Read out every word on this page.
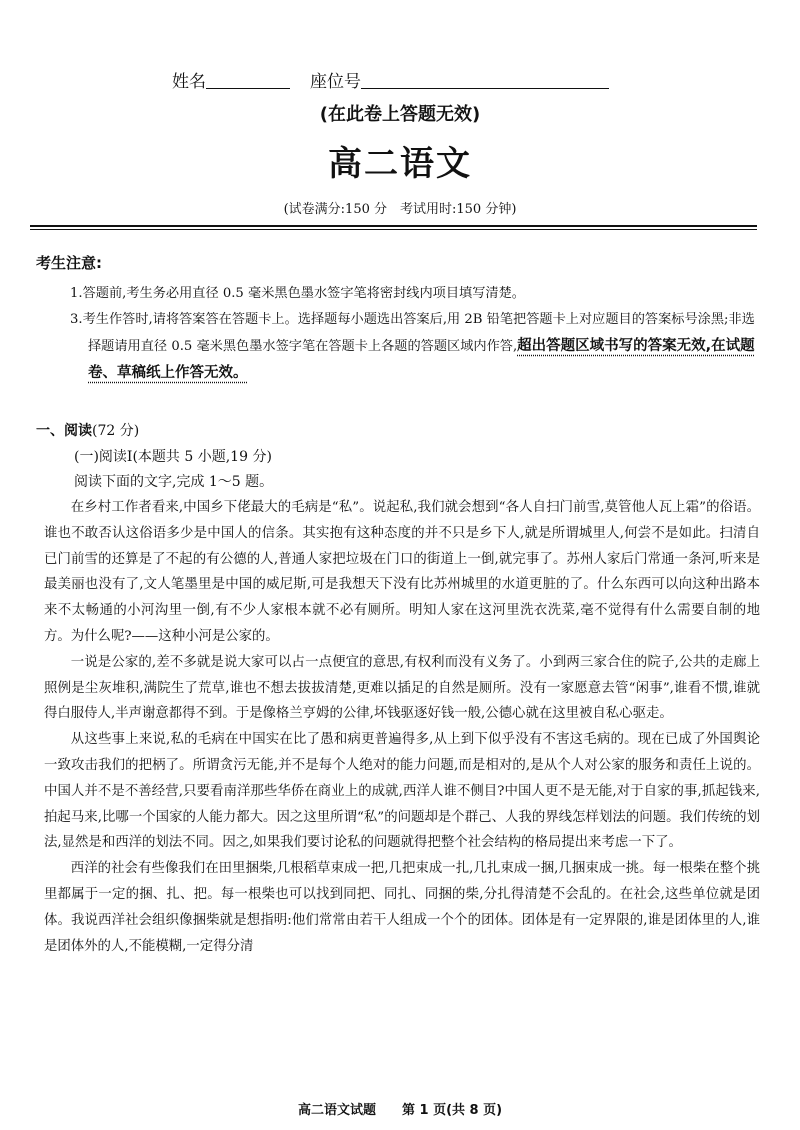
姓名	座位号
(在此卷上答题无效)
高二语文
(试卷满分:150 分　考试用时:150 分钟)
考生注意:
1.答题前,考生务必用直径 0.5 毫米黑色墨水签字笔将密封线内项目填写清楚。
3.考生作答时,请将答案答在答题卡上。选择题每小题选出答案后,用 2B 铅笔把答题卡上对应题目的答案标号涂黑;非选择题请用直径 0.5 毫米黑色墨水签字笔在答题卡上各题的答题区域内作答,超出答题区域书写的答案无效,在试题卷、草稿纸上作答无效。
一、阅读(72 分)
(一)阅读Ⅰ(本题共 5 小题,19 分)
阅读下面的文字,完成 1～5 题。

在乡村工作者看来,中国乡下佬最大的毛病是“私”。说起私,我们就会想到“各人自扫门前雪,莫管他人瓦上霜”的俗语。谁也不敢否认这俗语多少是中国人的信条。其实抱有这种态度的并不只是乡下人,就是所谓城里人,何尝不是如此。扫清自已门前雪的还算是了不起的有公德的人,普通人家把垃圾在门口的街道上一倒,就完事了。苏州人家后门常通一条河,听来是最美丽也没有了,文人笔墨里是中国的威尼斯,可是我想天下没有比苏州城里的水道更脏的了。什么东西可以向这种出路本来不太畅通的小河沟里一倒,有不少人家根本就不必有厕所。明知人家在这河里洗衣洗菜,毫不觉得有什么需要自制的地方。为什么呢?——这种小河是公家的。

一说是公家的,差不多就是说大家可以占一点便宜的意思,有权利而没有义务了。小到两三家合住的院子,公共的走廊上照例是尘灰堆积,满院生了荒草,谁也不想去拔拔清楚,更难以插足的自然是厕所。没有一家愿意去管“闲事”,谁看不惯,谁就得白服侍人,半声谢意都得不到。于是像格兰亨姆的公律,坏钱驱逐好钱一般,公德心就在这里被自私心驱走。

从这些事上来说,私的毛病在中国实在比了愚和病更普遍得多,从上到下似乎没有不害这毛病的。现在已成了外国舆论一致攻击我们的把柄了。所谓贪污无能,并不是每个人绝对的能力问题,而是相对的,是从个人对公家的服务和责任上说的。中国人并不是不善经营,只要看南洋那些华侨在商业上的成就,西洋人谁不侧目?中国人更不是无能,对于自家的事,抓起钱来,拍起马来,比哪一个国家的人能力都大。因之这里所谓“私”的问题却是个群己、人我的界线怎样划法的问题。我们传统的划法,显然是和西洋的划法不同。因之,如果我们要讨论私的问题就得把整个社会结构的格局提出来考虑一下了。

西洋的社会有些像我们在田里捆柴,几根稻草束成一把,几把束成一扎,几扎束成一捆,几捆束成一挑。每一根柴在整个挑里都属于一定的捆、扎、把。每一根柴也可以找到同把、同扎、同捆的柴,分扎得清楚不会乱的。在社会,这些单位就是团体。我说西洋社会组织像捆柴就是想指明:他们常常由若干人组成一个个的团体。团体是有一定界限的,谁是团体里的人,谁是团体外的人,不能模糊,一定得分清

高二语文试题 第 1 页(共 8 页)
